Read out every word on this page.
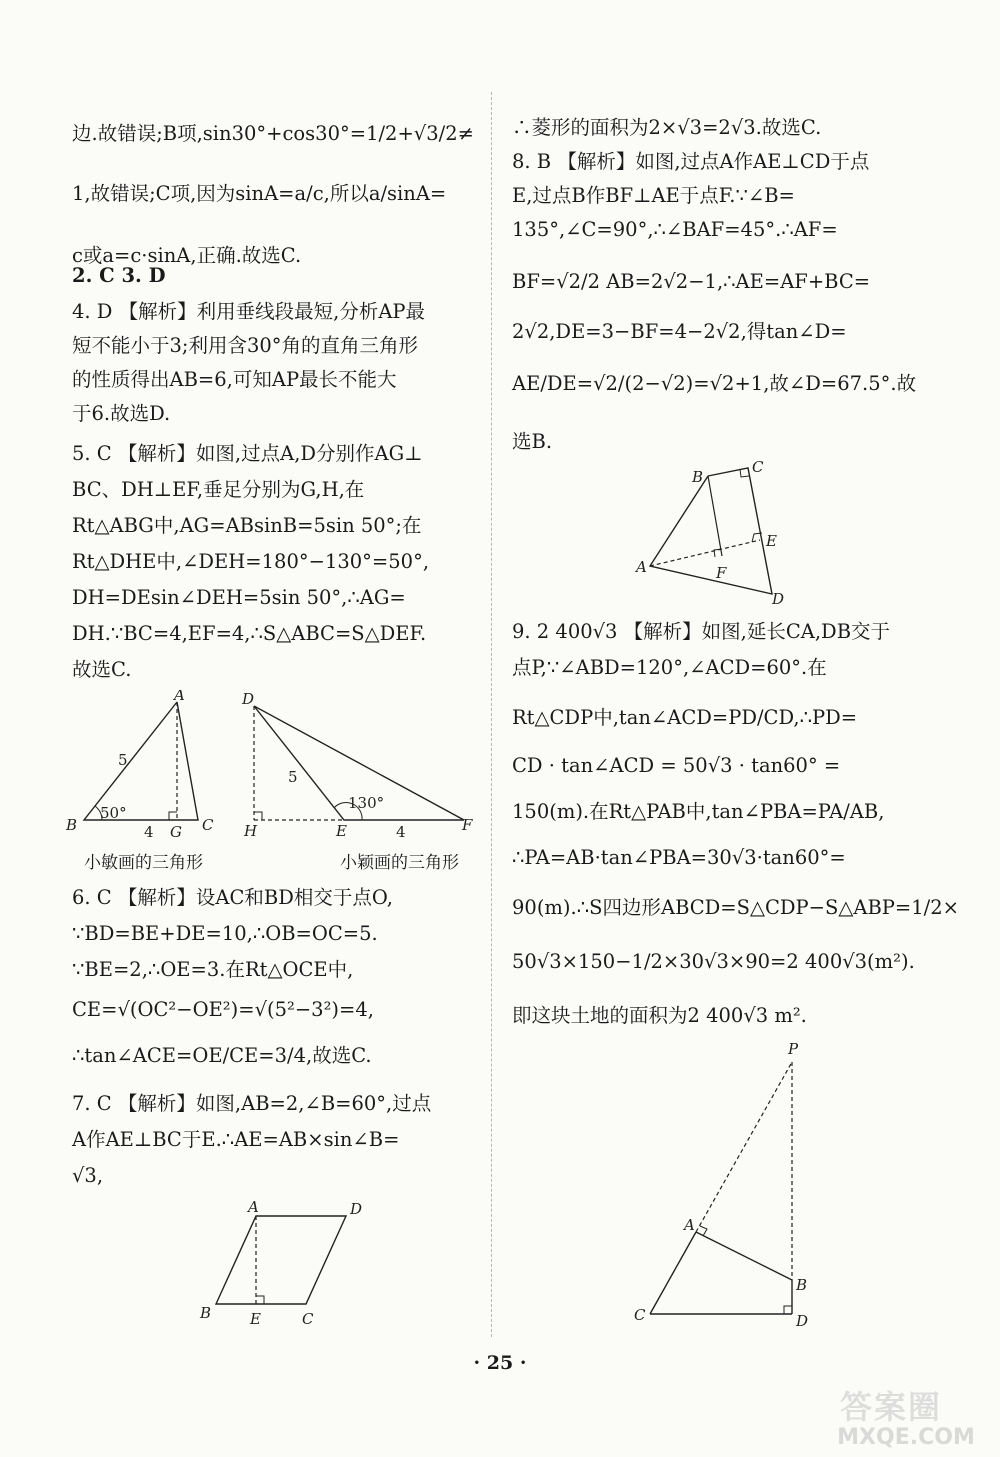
边.故错误;B项,sin30°+cos30°=1/2+√3/2≠
1,故错误;C项,因为sinA=a/c,所以a/sinA=
c或a=c·sinA,正确.故选C.
2. C 3. D
4. D 【解析】利用垂线段最短,分析AP最
短不能小于3;利用含30°角的直角三角形
的性质得出AB=6,可知AP最长不能大
于6.故选D.
5. C 【解析】如图,过点A,D分别作AG⊥
BC、DH⊥EF,垂足分别为G,H,在
Rt△ABG中,AG=ABsinB=5sin 50°;在
Rt△DHE中,∠DEH=180°−130°=50°,
DH=DEsin∠DEH=5sin 50°,∴AG=
DH.∵BC=4,EF=4,∴S△ABC=S△DEF.
故选C.
A
B	C
G
5
4
50°
小敏画的三角形
D
H	E	F
5
4
130°
小颖画的三角形
6. C 【解析】设AC和BD相交于点O,
∵BD=BE+DE=10,∴OB=OC=5.
∵BE=2,∴OE=3.在Rt△OCE中,
CE=√(OC²−OE²)=√(5²−3²)=4,
∴tan∠ACE=OE/CE=3/4,故选C.
7. C 【解析】如图,AB=2,∠B=60°,过点
A作AE⊥BC于E.∴AE=AB×sin∠B=
√3,
A	D
B	E	C
∴菱形的面积为2×√3=2√3.故选C.
8. B 【解析】如图,过点A作AE⊥CD于点
E,过点B作BF⊥AE于点F.∵∠B=
135°,∠C=90°,∴∠BAF=45°.∴AF=
BF=√2/2 AB=2√2−1,∴AE=AF+BC=
2√2,DE=3−BF=4−2√2,得tan∠D=
AE/DE=√2/(2−√2)=√2+1,故∠D=67.5°.故
选B.
B
C
E
D
A	F
9. 2 400√3 【解析】如图,延长CA,DB交于
点P,∵∠ABD=120°,∠ACD=60°.在
Rt△CDP中,tan∠ACD=PD/CD,∴PD=
CD · tan∠ACD = 50√3 · tan60° =
150(m).在Rt△PAB中,tan∠PBA=PA/AB,
∴PA=AB·tan∠PBA=30√3·tan60°=
90(m).∴S四边形ABCD=S△CDP−S△ABP=1/2×
50√3×150−1/2×30√3×90=2 400√3(m²).
即这块土地的面积为2 400√3 m².
P
A
B
C	D
· 25 ·
答案圈
MXQE.COM
